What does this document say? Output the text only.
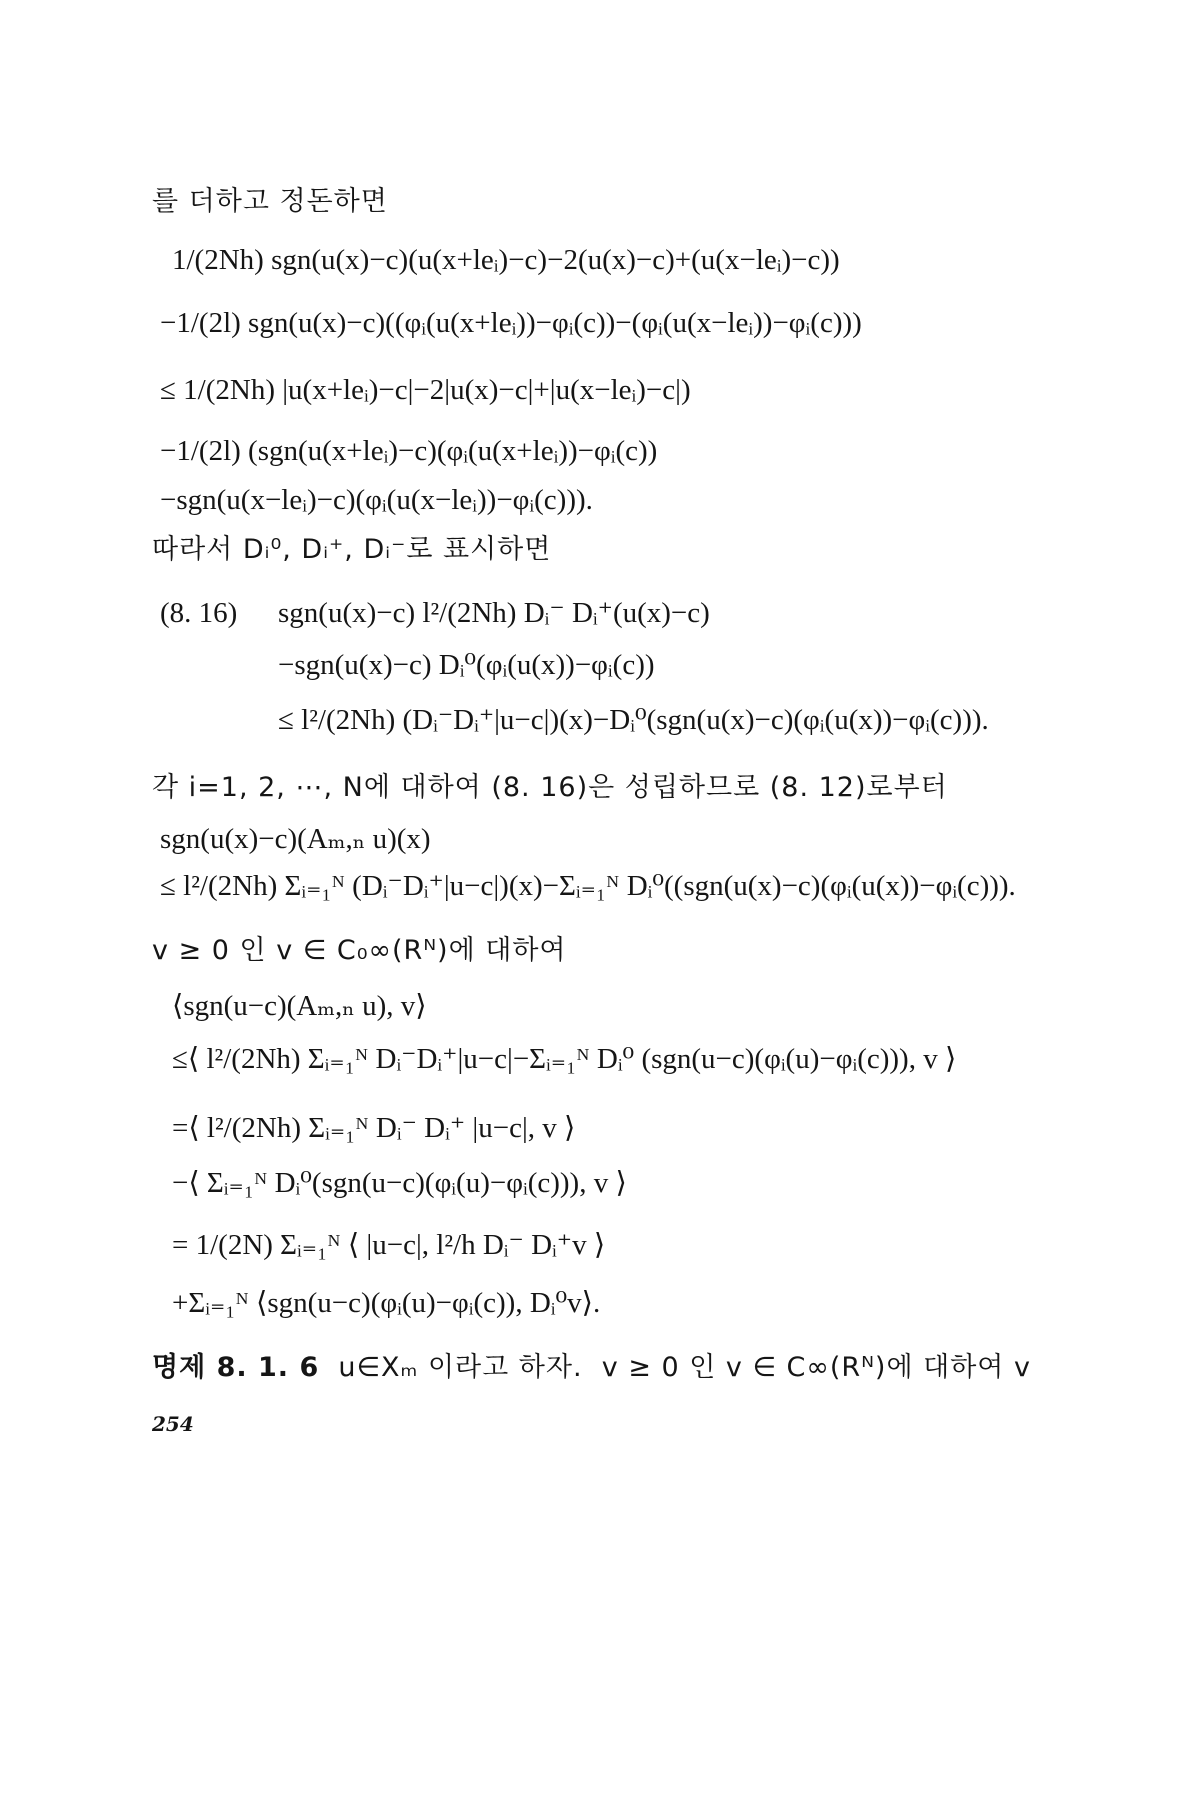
를 더하고 정돈하면
1/(2Nh) sgn(u(x)−c)(u(x+leᵢ)−c)−2(u(x)−c)+(u(x−leᵢ)−c))
−1/(2l) sgn(u(x)−c)((φᵢ(u(x+leᵢ))−φᵢ(c))−(φᵢ(u(x−leᵢ))−φᵢ(c)))
≤ 1/(2Nh) |u(x+leᵢ)−c|−2|u(x)−c|+|u(x−leᵢ)−c|)
−1/(2l) (sgn(u(x+leᵢ)−c)(φᵢ(u(x+leᵢ))−φᵢ(c))
−sgn(u(x−leᵢ)−c)(φᵢ(u(x−leᵢ))−φᵢ(c))).
따라서 Dᵢ⁰, Dᵢ⁺, Dᵢ⁻로 표시하면
(8. 16) sgn(u(x)−c) l²/(2Nh) Dᵢ⁻ Dᵢ⁺(u(x)−c)
−sgn(u(x)−c) Dᵢ⁰(φᵢ(u(x))−φᵢ(c))
≤ l²/(2Nh) (Dᵢ⁻Dᵢ⁺|u−c|)(x)−Dᵢ⁰(sgn(u(x)−c)(φᵢ(u(x))−φᵢ(c))).
각 i=1, 2, ⋯, N에 대하여 (8. 16)은 성립하므로 (8. 12)로부터
sgn(u(x)−c)(Aₘ,ₙ u)(x)
≤ l²/(2Nh) Σᵢ₌₁ᴺ (Dᵢ⁻Dᵢ⁺|u−c|)(x)−Σᵢ₌₁ᴺ Dᵢ⁰((sgn(u(x)−c)(φᵢ(u(x))−φᵢ(c))).
v ≥ 0 인 v ∈ C₀∞(Rᴺ)에 대하여
⟨sgn(u−c)(Aₘ,ₙ u), v⟩
≤⟨ l²/(2Nh) Σᵢ₌₁ᴺ Dᵢ⁻Dᵢ⁺|u−c|−Σᵢ₌₁ᴺ Dᵢ⁰ (sgn(u−c)(φᵢ(u)−φᵢ(c))), v ⟩
=⟨ l²/(2Nh) Σᵢ₌₁ᴺ Dᵢ⁻ Dᵢ⁺ |u−c|, v ⟩
−⟨ Σᵢ₌₁ᴺ Dᵢ⁰(sgn(u−c)(φᵢ(u)−φᵢ(c))), v ⟩
= 1/(2N) Σᵢ₌₁ᴺ ⟨ |u−c|, l²/h Dᵢ⁻ Dᵢ⁺v ⟩
+Σᵢ₌₁ᴺ ⟨sgn(u−c)(φᵢ(u)−φᵢ(c)), Dᵢ⁰v⟩.
명제 8. 1. 6 u∈Xₘ 이라고 하자. v ≥ 0 인 v ∈ C∞(Rᴺ)에 대하여 v
254
